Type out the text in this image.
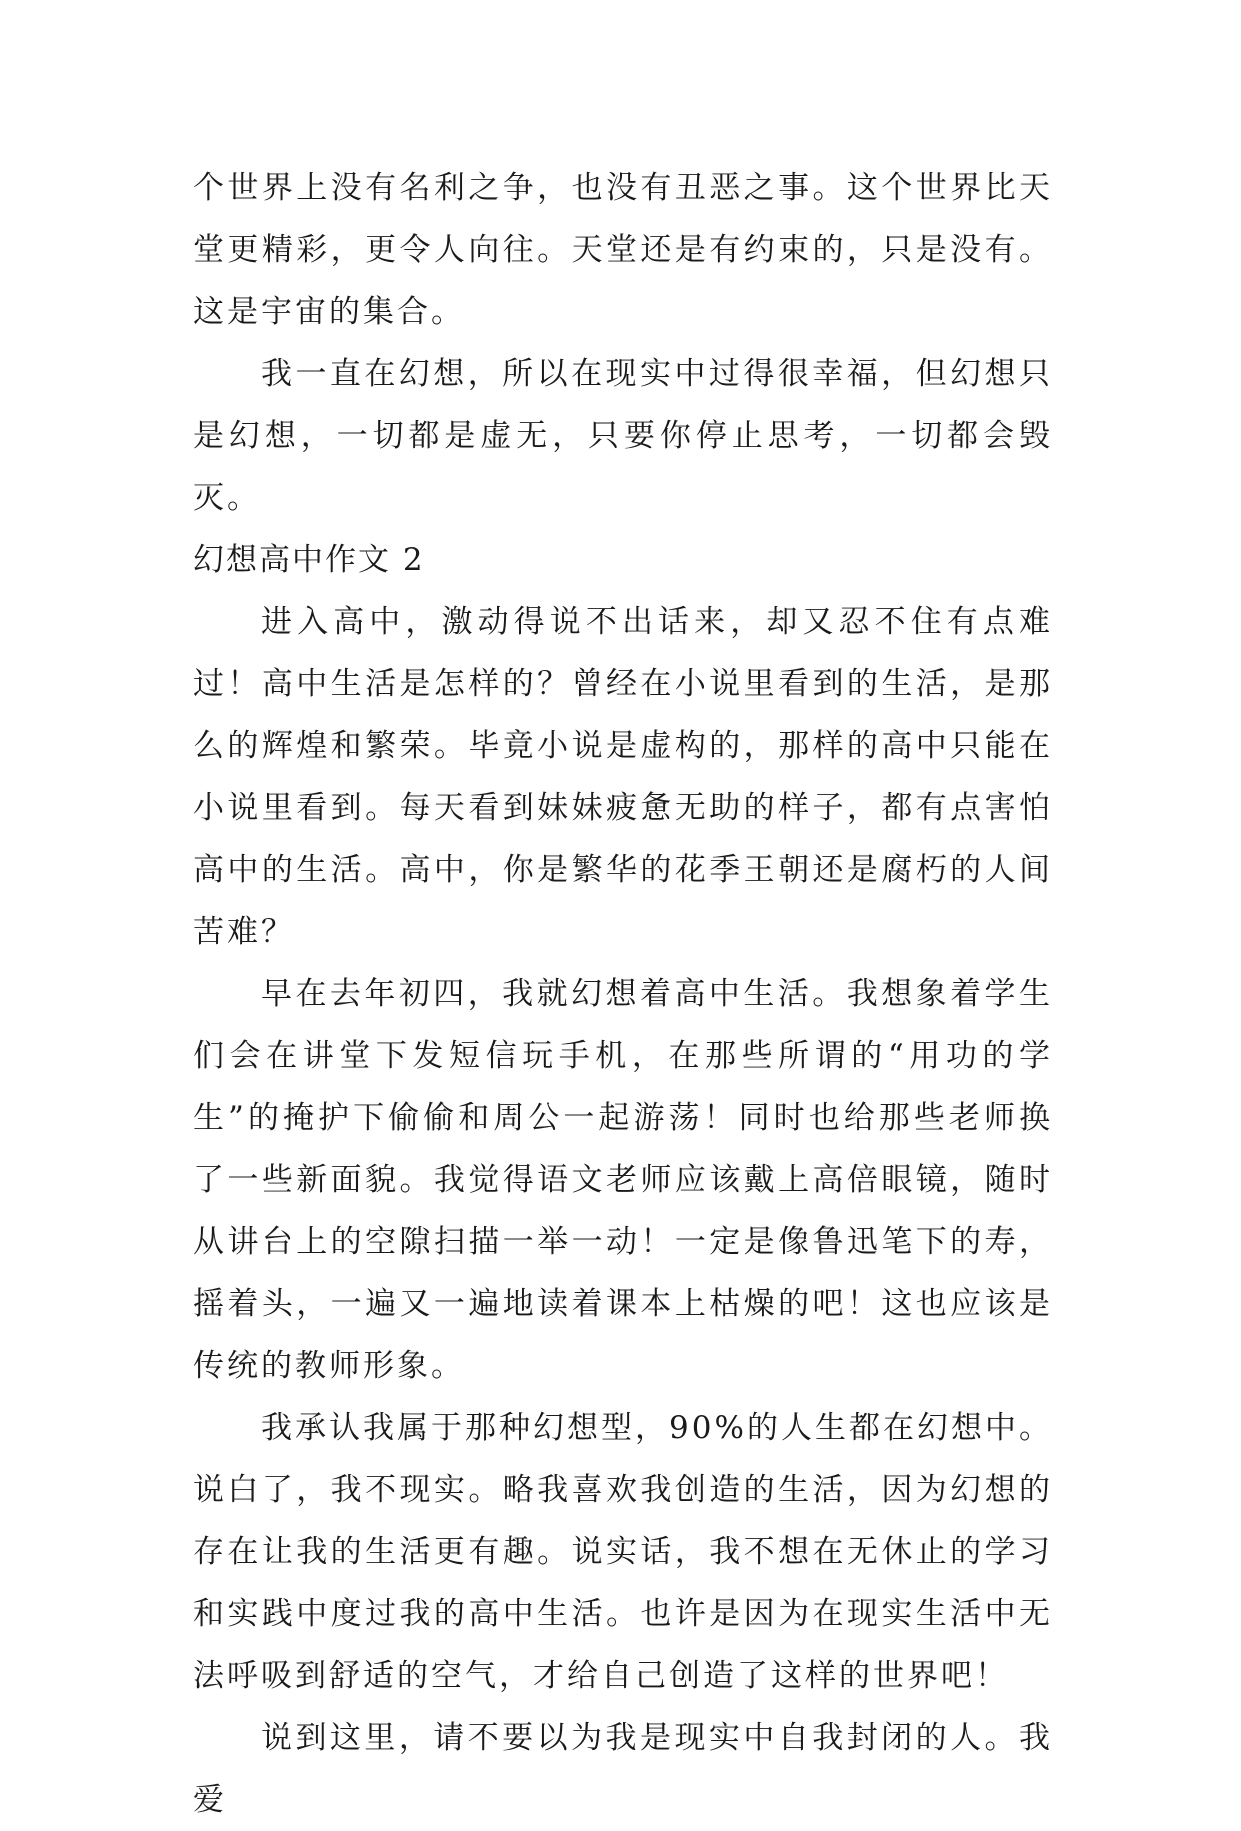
个世界上没有名利之争，也没有丑恶之事。这个世界比天堂更精彩，更令人向往。天堂还是有约束的，只是没有。这是宇宙的集合。

我一直在幻想，所以在现实中过得很幸福，但幻想只是幻想，一切都是虚无，只要你停止思考，一切都会毁灭。

幻想高中作文 2

进入高中，激动得说不出话来，却又忍不住有点难过！高中生活是怎样的？曾经在小说里看到的生活，是那么的辉煌和繁荣。毕竟小说是虚构的，那样的高中只能在小说里看到。每天看到妹妹疲惫无助的样子，都有点害怕高中的生活。高中，你是繁华的花季王朝还是腐朽的人间苦难？

早在去年初四，我就幻想着高中生活。我想象着学生们会在讲堂下发短信玩手机，在那些所谓的“用功的学生”的掩护下偷偷和周公一起游荡！同时也给那些老师换了一些新面貌。我觉得语文老师应该戴上高倍眼镜，随时从讲台上的空隙扫描一举一动！一定是像鲁迅笔下的寿，摇着头，一遍又一遍地读着课本上枯燥的吧！这也应该是传统的教师形象。

我承认我属于那种幻想型，90%的人生都在幻想中。说白了，我不现实。略我喜欢我创造的生活，因为幻想的存在让我的生活更有趣。说实话，我不想在无休止的学习和实践中度过我的高中生活。也许是因为在现实生活中无法呼吸到舒适的空气，才给自己创造了这样的世界吧！

说到这里，请不要以为我是现实中自我封闭的人。我爱
